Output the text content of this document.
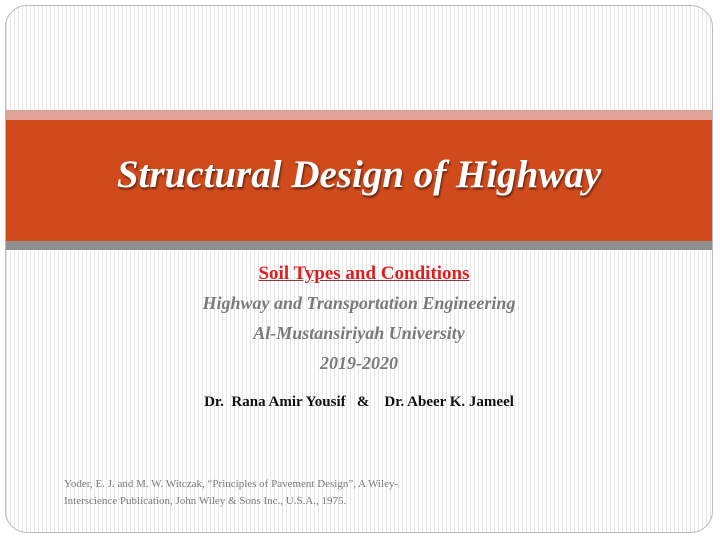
Structural Design of Highway
Soil Types and Conditions
Highway and Transportation Engineering
Al-Mustansiriyah University
2019-2020
Dr.  Rana Amir Yousif   &    Dr. Abeer K. Jameel
Yoder, E. J. and M. W. Witczak, “Principles of Pavement Design”, A Wiley-
Interscience Publication, John Wiley & Sons Inc., U.S.A., 1975.
